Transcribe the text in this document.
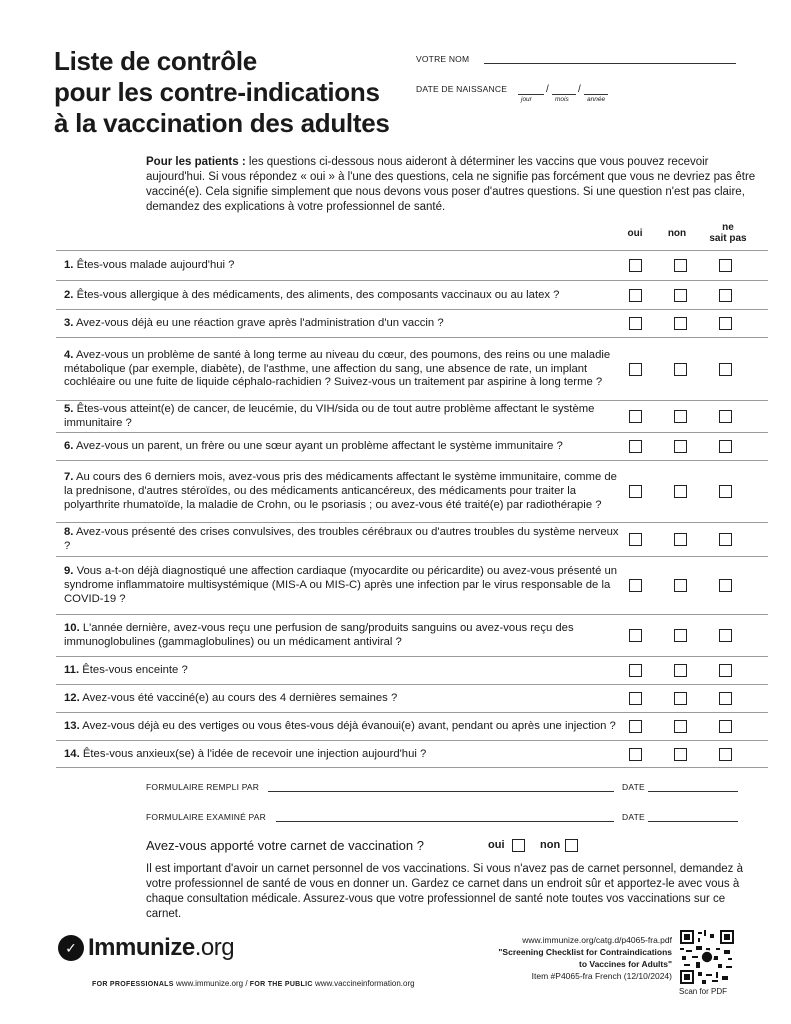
Liste de contrôle
pour les contre-indications
à la vaccination des adultes
VOTRE NOM
DATE DE NAISSANCE	/	/
jour	mois	année
Pour les patients : les questions ci-dessous nous aideront à déterminer les vaccins que vous pouvez recevoir aujourd'hui. Si vous répondez « oui » à l'une des questions, cela ne signifie pas forcément que vous ne devriez pas être vacciné(e). Cela signifie simplement que nous devons vous poser d'autres questions. Si une question n'est pas claire, demandez des explications à votre professionnel de santé.
oui	non
ne
sait pas
1. Êtes-vous malade aujourd'hui ?
2. Êtes-vous allergique à des médicaments, des aliments, des composants vaccinaux ou au latex ?
3. Avez-vous déjà eu une réaction grave après l'administration d'un vaccin ?
4. Avez-vous un problème de santé à long terme au niveau du cœur, des poumons, des reins ou une maladie métabolique (par exemple, diabète), de l'asthme, une affection du sang, une absence de rate, un implant cochléaire ou une fuite de liquide céphalo-rachidien ? Suivez-vous un traitement par aspirine à long terme ?
5. Êtes-vous atteint(e) de cancer, de leucémie, du VIH/sida ou de tout autre problème affectant le système immunitaire ?
6. Avez-vous un parent, un frère ou une sœur ayant un problème affectant le système immunitaire ?
7. Au cours des 6 derniers mois, avez-vous pris des médicaments affectant le système immunitaire, comme de la prednisone, d'autres stéroïdes, ou des médicaments anticancéreux, des médicaments pour traiter la polyarthrite rhumatoïde, la maladie de Crohn, ou le psoriasis ; ou avez-vous été traité(e) par radiothérapie ?
8. Avez-vous présenté des crises convulsives, des troubles cérébraux ou d'autres troubles du système nerveux ?
9. Vous a-t-on déjà diagnostiqué une affection cardiaque (myocardite ou péricardite) ou avez-vous présenté un syndrome inflammatoire multisystémique (MIS-A ou MIS-C) après une infection par le virus responsable de la COVID-19 ?
10. L'année dernière, avez-vous reçu une perfusion de sang/produits sanguins ou avez-vous reçu des immunoglobulines (gammaglobulines) ou un médicament antiviral ?
11. Êtes-vous enceinte ?
12. Avez-vous été vacciné(e) au cours des 4 dernières semaines ?
13. Avez-vous déjà eu des vertiges ou vous êtes-vous déjà évanoui(e) avant, pendant ou après une injection ?
14. Êtes-vous anxieux(se) à l'idée de recevoir une injection aujourd'hui ?
FORMULAIRE REMPLI PAR	DATE
FORMULAIRE EXAMINÉ PAR	DATE
Avez-vous apporté votre carnet de vaccination ?	oui	non
Il est important d'avoir un carnet personnel de vos vaccinations. Si vous n'avez pas de carnet personnel, demandez à votre professionnel de santé de vous en donner un. Gardez ce carnet dans un endroit sûr et apportez-le avec vous à chaque consultation médicale. Assurez-vous que votre professionnel de santé note toutes vos vaccinations sur ce carnet.
✓ Immunize.org
FOR PROFESSIONALS www.immunize.org / FOR THE PUBLIC www.vaccineinformation.org
www.immunize.org/catg.d/p4065-fra.pdf
"Screening Checklist for Contraindications
to Vaccines for Adults"
Item #P4065-fra French (12/10/2024)
Scan for PDF
